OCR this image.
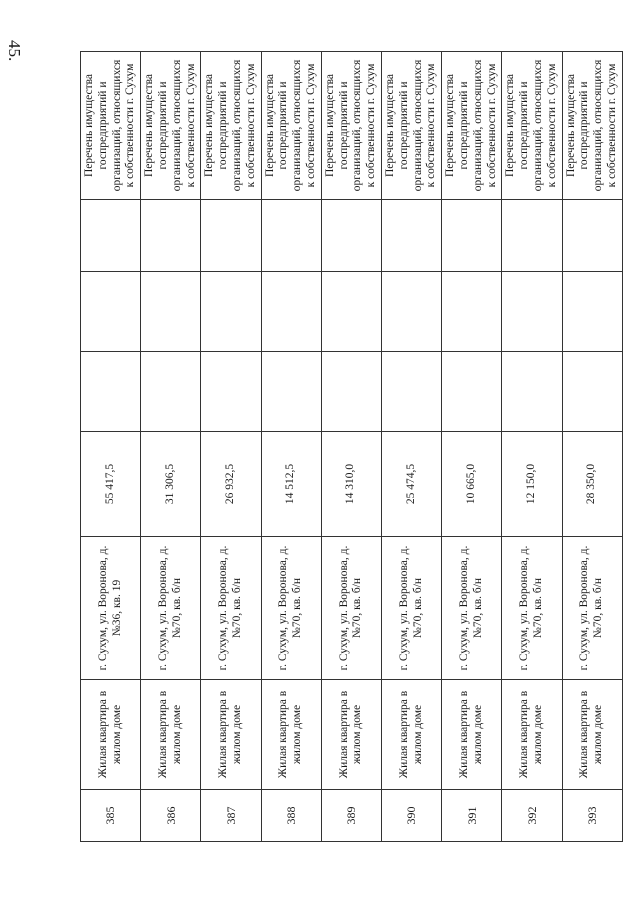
45.
385	Жилая квартира в жилом доме	г. Сухум, ул. Воронова, д.№36, кв. 19	55 417,5				Перечень имущества госпредприятий и организаций, относящихся к собственности г. Сухум
386	Жилая квартира в жилом доме	г. Сухум, ул. Воронова, д.№70, кв. б/н	31 306,5				Перечень имущества госпредприятий и организаций, относящихся к собственности г. Сухум
387	Жилая квартира в жилом доме	г. Сухум, ул. Воронова, д. №70, кв. б/н	26 932,5				Перечень имущества госпредприятий и организаций, относящихся к собственности г. Сухум
388	Жилая квартира в жилом доме	г. Сухум, ул. Воронова, д. №70, кв. б/н	14 512,5				Перечень имущества госпредприятий и организаций, относящихся к собственности г. Сухум
389	Жилая квартира в жилом доме	г. Сухум, ул. Воронова, д. №70, кв. б/н	14 310,0				Перечень имущества госпредприятий и организаций, относящихся к собственности г. Сухум
390	Жилая квартира в жилом доме	г. Сухум, ул. Воронова, д. №70, кв. б/н	25 474,5				Перечень имущества госпредприятий и организаций, относящихся к собственности г. Сухум
391	Жилая квартира в жилом доме	г. Сухум, ул. Воронова, д. №70, кв. б/н	10 665,0				Перечень имущества госпредприятий и организаций, относящихся к собственности г. Сухум
392	Жилая квартира в жилом доме	г. Сухум, ул. Воронова, д. №70, кв. б/н	12 150,0				Перечень имущества госпредприятий и организаций, относящихся к собственности г. Сухум
393	Жилая квартира в жилом доме	г. Сухум, ул. Воронова, д. №70, кв. б/н	28 350,0				Перечень имущества госпредприятий и организаций, относящихся к собственности г. Сухум
